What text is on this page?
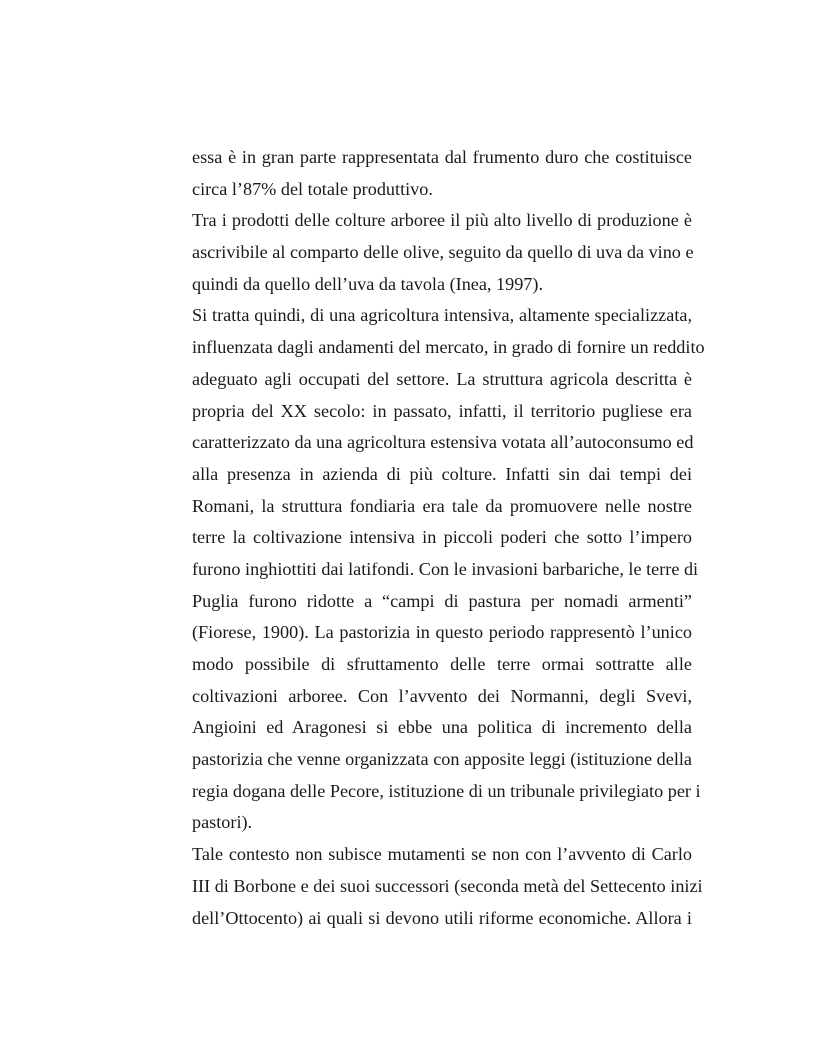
essa è in gran parte rappresentata dal frumento duro che costituisce
circa l’87% del totale produttivo.

Tra i prodotti delle colture arboree il più alto livello di produzione è
ascrivibile al comparto delle olive, seguito da quello di uva da vino e
quindi da quello dell’uva da tavola (Inea, 1997).

Si tratta quindi, di una agricoltura intensiva, altamente specializzata,
influenzata dagli andamenti del mercato, in grado di fornire un reddito
adeguato agli occupati del settore. La struttura agricola descritta è
propria del XX secolo: in passato, infatti, il territorio pugliese era
caratterizzato da una agricoltura estensiva votata all’autoconsumo ed
alla presenza in azienda di più colture. Infatti sin dai tempi dei
Romani, la struttura fondiaria era tale da promuovere nelle nostre
terre la coltivazione intensiva in piccoli poderi che sotto l’impero
furono inghiottiti dai latifondi. Con le invasioni barbariche, le terre di
Puglia furono ridotte a “campi di pastura per nomadi armenti”
(Fiorese, 1900). La pastorizia in questo periodo rappresentò l’unico
modo possibile di sfruttamento delle terre ormai sottratte alle
coltivazioni arboree. Con l’avvento dei Normanni, degli Svevi,
Angioini ed Aragonesi si ebbe una politica di incremento della
pastorizia che venne organizzata con apposite leggi (istituzione della
regia dogana delle Pecore, istituzione di un tribunale privilegiato per i
pastori).

Tale contesto non subisce mutamenti se non con l’avvento di Carlo
III di Borbone e dei suoi successori (seconda metà del Settecento inizi
dell’Ottocento) ai quali si devono utili riforme economiche. Allora i
